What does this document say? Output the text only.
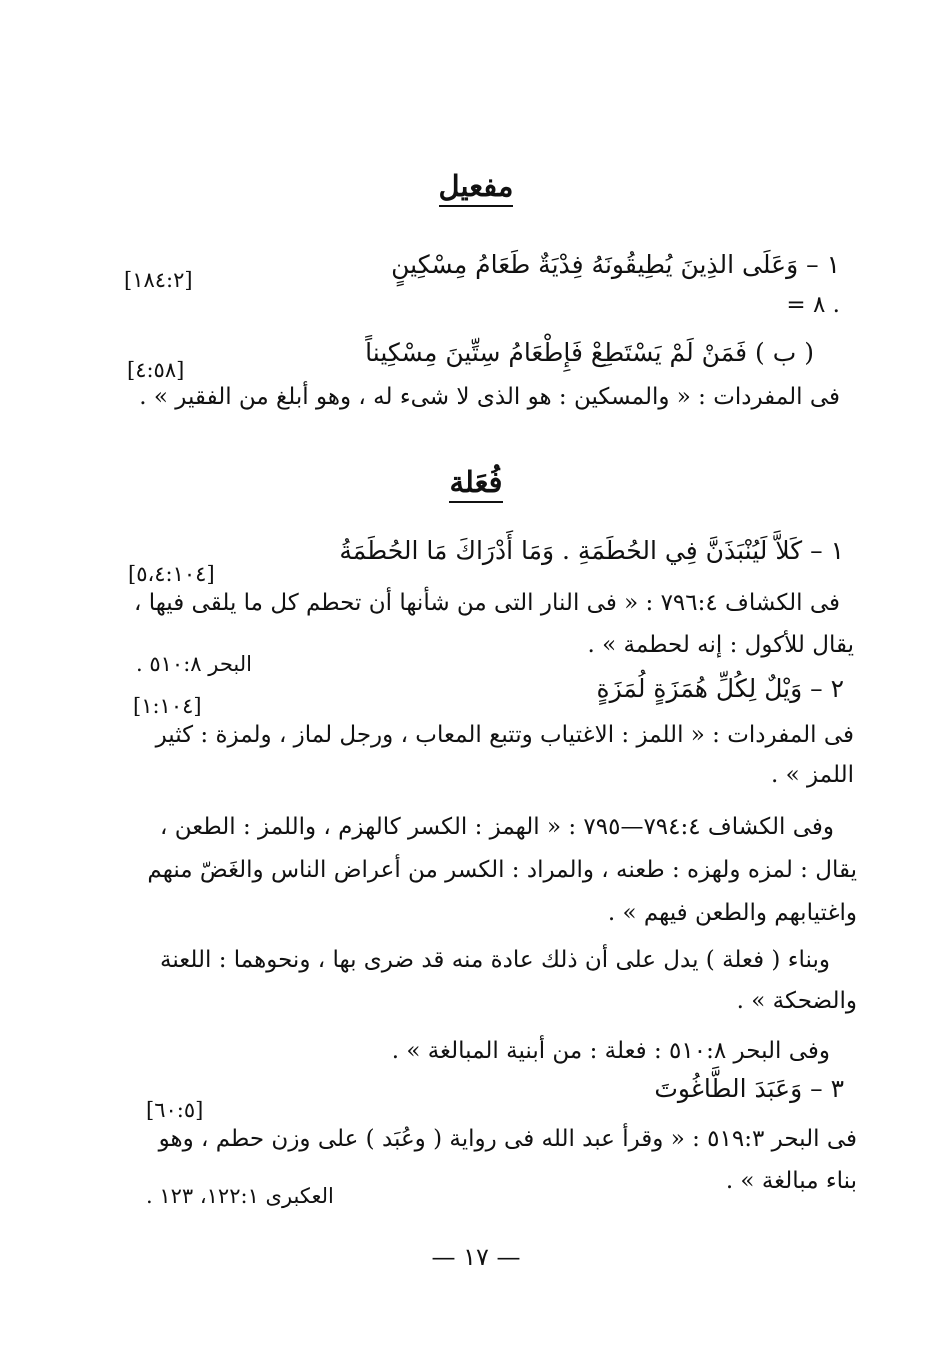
مفعيل
١ – وَعَلَى الذِينَ يُطِيقُونَهُ فِدْيَةٌ طَعَامُ مِسْكِينٍ
[١٨٤:٢]
= ٨ .
( ب ) فَمَنْ لَمْ يَسْتَطِعْ فَإِطْعَامُ سِتِّينَ مِسْكِيناً
[٤:٥٨]
فى المفردات : « والمسكين : هو الذى لا شىء له ، وهو أبلغ من الفقير » .
فُعَلة
١ – كَلاَّ لَيُنْبَذَنَّ فِي الحُطَمَةِ . وَمَا أَدْرَاكَ مَا الحُطَمَةُ
[٥،٤:١٠٤]
فى الكشاف ٧٩٦:٤ : « فى النار التى من شأنها أن تحطم كل ما يلقى فيها ،
يقال للأكول : إنه لحطمة » .
البحر ٥١٠:٨ .
٢ – وَيْلٌ لِكُلِّ هُمَزَةٍ لُمَزَةٍ
[١:١٠٤]
فى المفردات : « اللمز : الاغتياب وتتبع المعاب ، ورجل لماز ، ولمزة : كثير
اللمز » .
وفى الكشاف ٧٩٤:٤—٧٩٥ : « الهمز : الكسر كالهزم ، واللمز : الطعن ،
يقال : لمزه ولهزه : طعنه ، والمراد : الكسر من أعراض الناس والغَضّ منهم
واغتيابهم والطعن فيهم » .
وبناء ( فعلة ) يدل على أن ذلك عادة منه قد ضرى بها ، ونحوهما : اللعنة
والضحكة » .
وفى البحر ٥١٠:٨ : فعلة : من أبنية المبالغة » .
٣ – وَعَبَدَ الطَّاغُوتَ
[٦٠:٥]
فى البحر ٥١٩:٣ : « وقرأ عبد الله فى رواية ( وعُبَد ) على وزن حطم ، وهو
بناء مبالغة » .
العكبرى ١٢٢:١، ١٢٣ .
— ١٧ —
